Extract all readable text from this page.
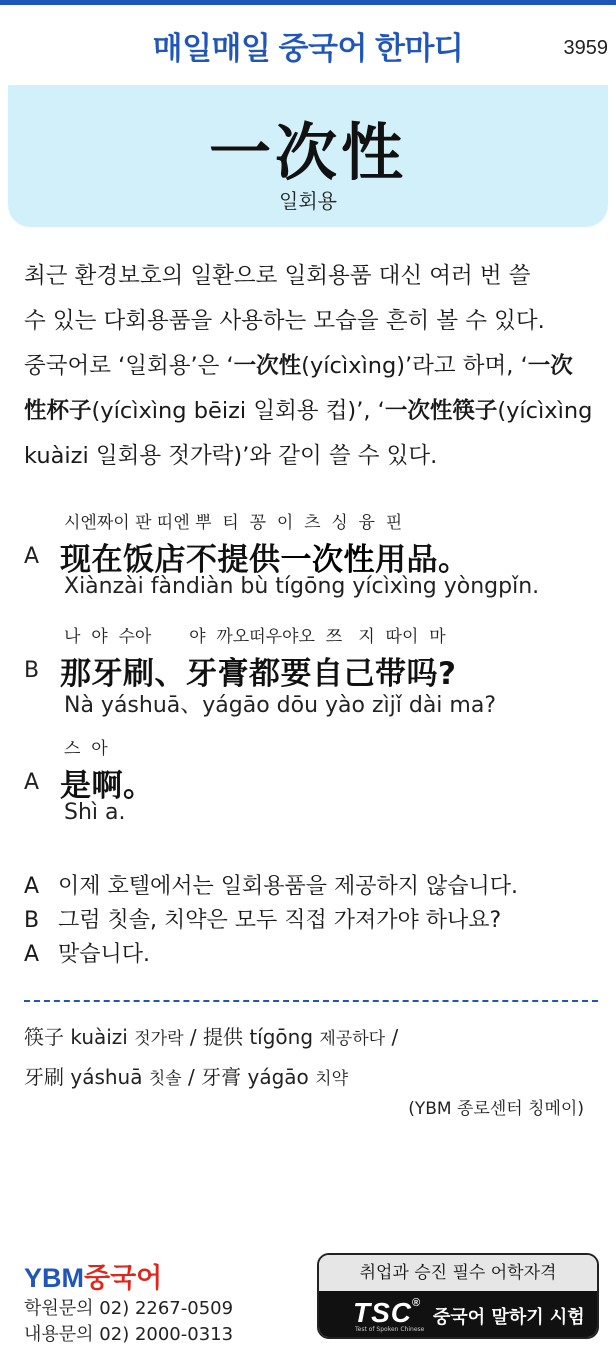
매일매일 중국어 한마디	3959
一次性
일회용
최근 환경보호의 일환으로 일회용품 대신 여러 번 쓸
수 있는 다회용품을 사용하는 모습을 흔히 볼 수 있다.
중국어로 ‘일회용’은 ‘一次性(yícìxìng)’라고 하며, ‘一次
性杯子(yícìxìng bēizi 일회용 컵)’, ‘一次性筷子(yícìxìng
kuàizi 일회용 젓가락)’와 같이 쓸 수 있다.
시엔짜이 판 띠엔 뿌  티  꽁  이  츠  싱  융  핀
A 现在饭店不提供一次性用品。
Xiànzài fàndiàn bù tígōng yícìxìng yòngpǐn.
나  야  수아       야  까오떠우야오  쯔   지  따이  마
B 那牙刷、牙膏都要自己带吗?
Nà yáshuā、yágāo dōu yào zìjǐ dài ma?
스  아
A 是啊。
Shì a.
A 이제 호텔에서는 일회용품을 제공하지 않습니다.
B 그럼 칫솔, 치약은 모두 직접 가져가야 하나요?
A 맞습니다.
筷子 kuàizi 젓가락 / 提供 tígōng 제공하다 /
牙刷 yáshuā 칫솔 / 牙膏 yágāo 치약
(YBM 종로센터 칭메이)
YBM중국어
학원문의 02) 2267-0509
내용문의 02) 2000-0313
취업과 승진 필수 어학자격
TSC®
Test of Spoken Chinese
중국어 말하기 시험
